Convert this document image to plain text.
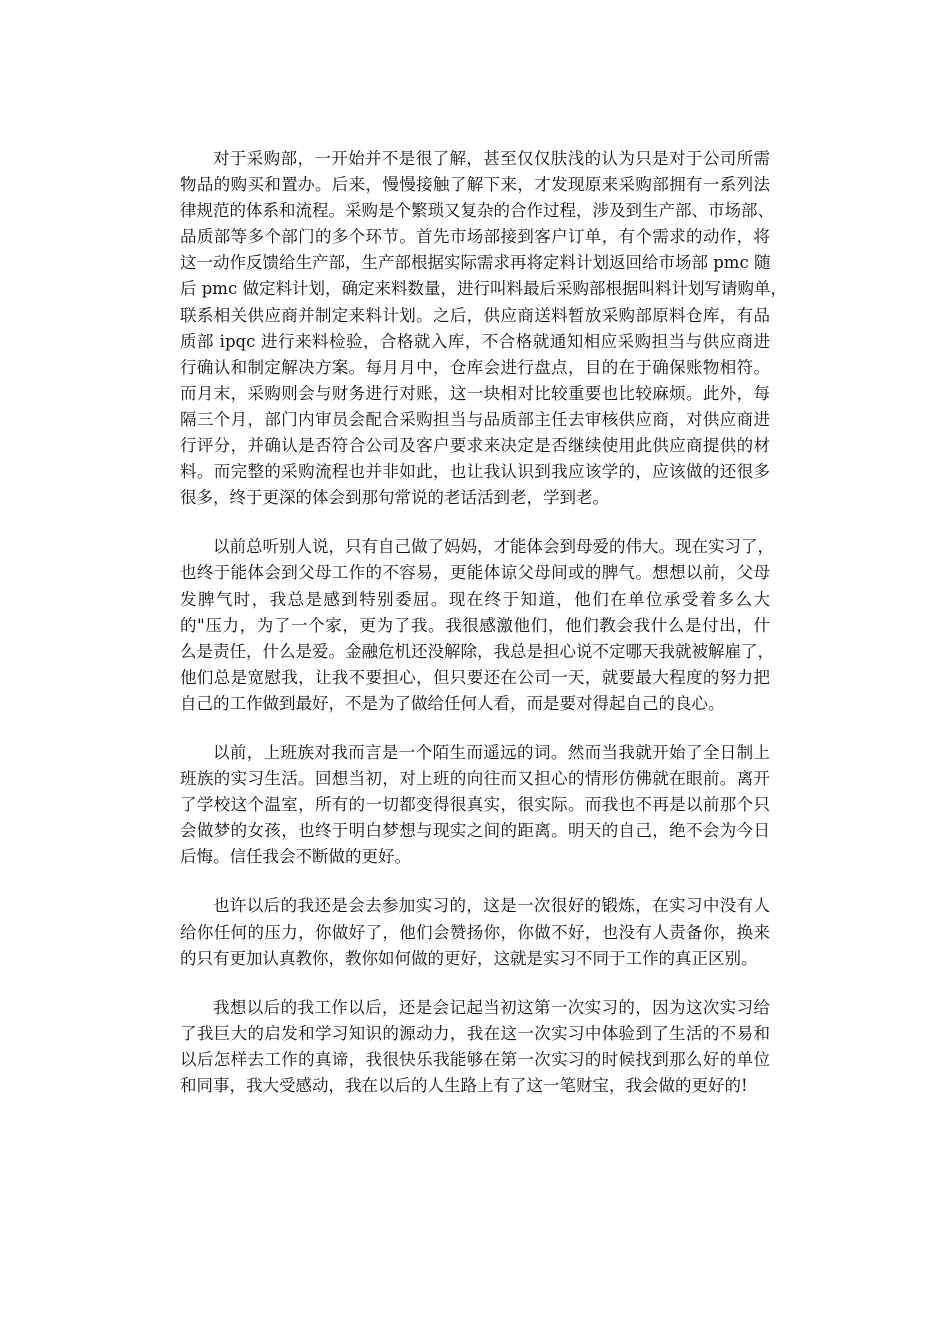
对于采购部，一开始并不是很了解，甚至仅仅肤浅的认为只是对于公司所需
物品的购买和置办。后来，慢慢接触了解下来，才发现原来采购部拥有一系列法
律规范的体系和流程。采购是个繁琐又复杂的合作过程，涉及到生产部、市场部、
品质部等多个部门的多个环节。首先市场部接到客户订单，有个需求的动作，将
这一动作反馈给生产部，生产部根据实际需求再将定料计划返回给市场部 pmc 随
后 pmc 做定料计划，确定来料数量，进行叫料最后采购部根据叫料计划写请购单，
联系相关供应商并制定来料计划。之后，供应商送料暂放采购部原料仓库，有品
质部 ipqc 进行来料检验，合格就入库，不合格就通知相应采购担当与供应商进
行确认和制定解决方案。每月月中，仓库会进行盘点，目的在于确保账物相符。
而月末，采购则会与财务进行对账，这一块相对比较重要也比较麻烦。此外，每
隔三个月，部门内审员会配合采购担当与品质部主任去审核供应商，对供应商进
行评分，并确认是否符合公司及客户要求来决定是否继续使用此供应商提供的材
料。而完整的采购流程也并非如此，也让我认识到我应该学的，应该做的还很多
很多，终于更深的体会到那句常说的老话活到老，学到老。
以前总听别人说，只有自己做了妈妈，才能体会到母爱的伟大。现在实习了，
也终于能体会到父母工作的不容易，更能体谅父母间或的脾气。想想以前，父母
发脾气时，我总是感到特别委屈。现在终于知道，他们在单位承受着多么大
的"压力，为了一个家，更为了我。我很感激他们，他们教会我什么是付出，什
么是责任，什么是爱。金融危机还没解除，我总是担心说不定哪天我就被解雇了，
他们总是宽慰我，让我不要担心，但只要还在公司一天，就要最大程度的努力把
自己的工作做到最好，不是为了做给任何人看，而是要对得起自己的良心。
以前，上班族对我而言是一个陌生而遥远的词。然而当我就开始了全日制上
班族的实习生活。回想当初，对上班的向往而又担心的情形仿佛就在眼前。离开
了学校这个温室，所有的一切都变得很真实，很实际。而我也不再是以前那个只
会做梦的女孩，也终于明白梦想与现实之间的距离。明天的自己，绝不会为今日
后悔。信任我会不断做的更好。
也许以后的我还是会去参加实习的，这是一次很好的锻炼，在实习中没有人
给你任何的压力，你做好了，他们会赞扬你，你做不好，也没有人责备你，换来
的只有更加认真教你，教你如何做的更好，这就是实习不同于工作的真正区别。
我想以后的我工作以后，还是会记起当初这第一次实习的，因为这次实习给
了我巨大的启发和学习知识的源动力，我在这一次实习中体验到了生活的不易和
以后怎样去工作的真谛，我很快乐我能够在第一次实习的时候找到那么好的单位
和同事，我大受感动，我在以后的人生路上有了这一笔财宝，我会做的更好的!
